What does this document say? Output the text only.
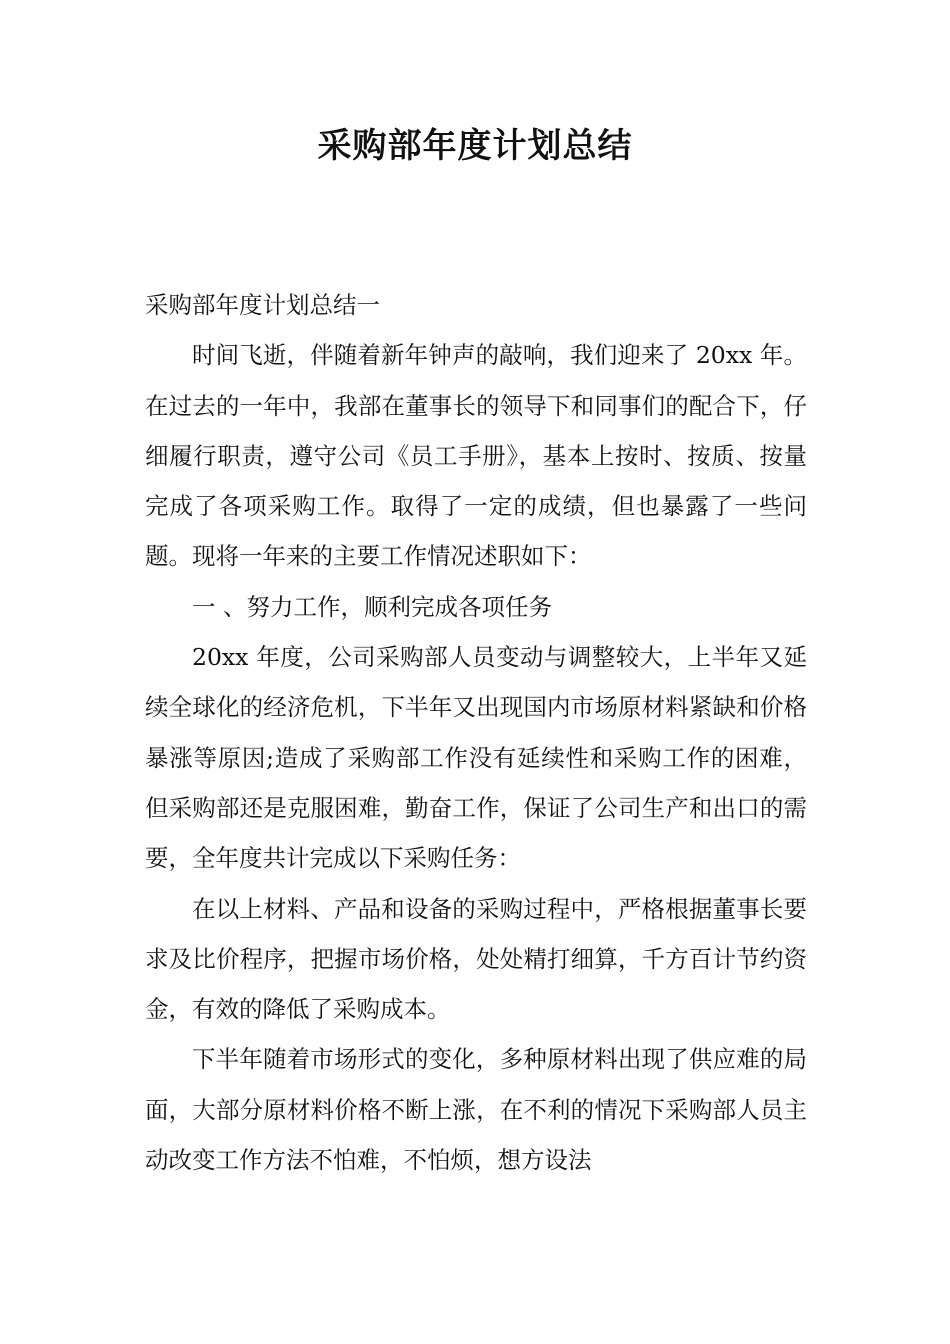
采购部年度计划总结

采购部年度计划总结一

时间飞逝，伴随着新年钟声的敲响，我们迎来了 20xx 年。在过去的一年中，我部在董事长的领导下和同事们的配合下，仔细履行职责，遵守公司《员工手册》，基本上按时、按质、按量完成了各项采购工作。取得了一定的成绩，但也暴露了一些问题。现将一年来的主要工作情况述职如下：

一 、努力工作，顺利完成各项任务

20xx 年度，公司采购部人员变动与调整较大，上半年又延续全球化的经济危机，下半年又出现国内市场原材料紧缺和价格暴涨等原因;造成了采购部工作没有延续性和采购工作的困难，但采购部还是克服困难，勤奋工作，保证了公司生产和出口的需要，全年度共计完成以下采购任务：

在以上材料、产品和设备的采购过程中，严格根据董事长要求及比价程序，把握市场价格，处处精打细算，千方百计节约资金，有效的降低了采购成本。

下半年随着市场形式的变化，多种原材料出现了供应难的局面，大部分原材料价格不断上涨，在不利的情况下采购部人员主动改变工作方法不怕难，不怕烦，想方设法
